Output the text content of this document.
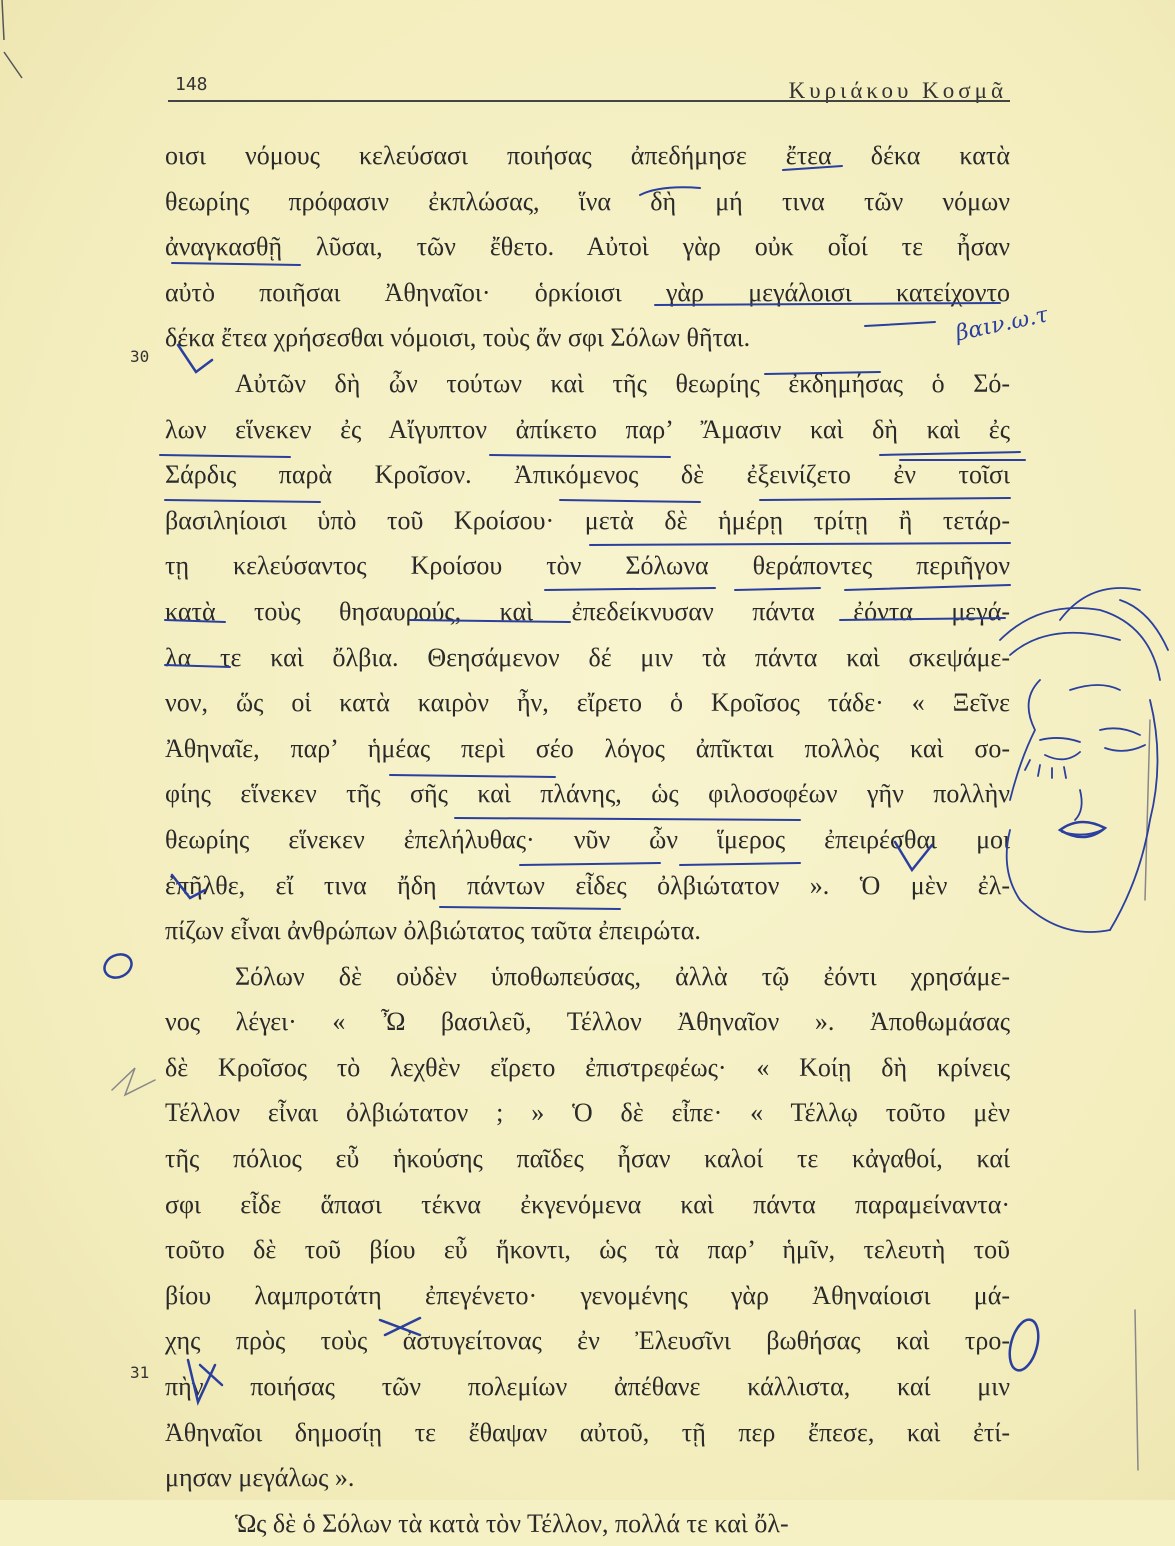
148	Κυριάκου Κοσμᾶ
30
31
οισι νόμους κελεύσασι ποιήσας ἀπεδήμησε ἔτεα δέκα κατὰ
θεωρίης πρόφασιν ἐκπλώσας, ἵνα δὴ μή τινα τῶν νόμων
ἀναγκασθῇ λῦσαι, τῶν ἔθετο. Αὐτοὶ γὰρ οὐκ οἷοί τε ἦσαν
αὐτὸ ποιῆσαι Ἀθηναῖοι· ὁρκίοισι γὰρ μεγάλοισι κατείχοντο
δέκα ἔτεα χρήσεσθαι νόμοισι, τοὺς ἄν σφι Σόλων θῆται.
Αὐτῶν δὴ ὦν τούτων καὶ τῆς θεωρίης ἐκδημήσας ὁ Σό-
λων εἵνεκεν ἐς Αἴγυπτον ἀπίκετο παρ’ Ἄμασιν καὶ δὴ καὶ ἐς
Σάρδις παρὰ Κροῖσον. Ἀπικόμενος δὲ ἐξεινίζετο ἐν τοῖσι
βασιληίοισι ὑπὸ τοῦ Κροίσου· μετὰ δὲ ἡμέρῃ τρίτῃ ἢ τετάρ-
τῃ κελεύσαντος Κροίσου τὸν Σόλωνα θεράποντες περιῆγον
κατὰ τοὺς θησαυρούς, καὶ ἐπεδείκνυσαν πάντα ἐόντα μεγά-
λα τε καὶ ὄλβια. Θεησάμενον δέ μιν τὰ πάντα καὶ σκεψάμε-
νον, ὥς οἱ κατὰ καιρὸν ἦν, εἴρετο ὁ Κροῖσος τάδε· « Ξεῖνε
Ἀθηναῖε, παρ’ ἡμέας περὶ σέο λόγος ἀπῖκται πολλὸς καὶ σο-
φίης εἵνεκεν τῆς σῆς καὶ πλάνης, ὡς φιλοσοφέων γῆν πολλὴν
θεωρίης εἵνεκεν ἐπελήλυθας· νῦν ὦν ἵμερος ἐπειρέσθαι μοι
ἐπῆλθε, εἴ τινα ἤδη πάντων εἶδες ὀλβιώτατον ». Ὁ μὲν ἐλ-
πίζων εἶναι ἀνθρώπων ὀλβιώτατος ταῦτα ἐπειρώτα.
Σόλων δὲ οὐδὲν ὑποθωπεύσας, ἀλλὰ τῷ ἐόντι χρησάμε-
νος λέγει· « Ὦ βασιλεῦ, Τέλλον Ἀθηναῖον ». Ἀποθωμάσας
δὲ Κροῖσος τὸ λεχθὲν εἴρετο ἐπιστρεφέως· « Κοίῃ δὴ κρίνεις
Τέλλον εἶναι ὀλβιώτατον ; » Ὁ δὲ εἶπε· « Τέλλῳ τοῦτο μὲν
τῆς πόλιος εὖ ἡκούσης παῖδες ἦσαν καλοί τε κἀγαθοί, καί
σφι εἶδε ἅπασι τέκνα ἐκγενόμενα καὶ πάντα παραμείναντα·
τοῦτο δὲ τοῦ βίου εὖ ἥκοντι, ὡς τὰ παρ’ ἡμῖν, τελευτὴ τοῦ
βίου λαμπροτάτη ἐπεγένετο· γενομένης γὰρ Ἀθηναίοισι μά-
χης πρὸς τοὺς ἀστυγείτονας ἐν Ἐλευσῖνι βωθήσας καὶ τρο-
πὴν ποιήσας τῶν πολεμίων ἀπέθανε κάλλιστα, καί μιν
Ἀθηναῖοι δημοσίῃ τε ἔθαψαν αὐτοῦ, τῇ περ ἔπεσε, καὶ ἐτί-
μησαν μεγάλως ».
Ὡς δὲ ὁ Σόλων τὰ κατὰ τὸν Τέλλον, πολλά τε καὶ ὄλ-
βαιν.ω.τ
